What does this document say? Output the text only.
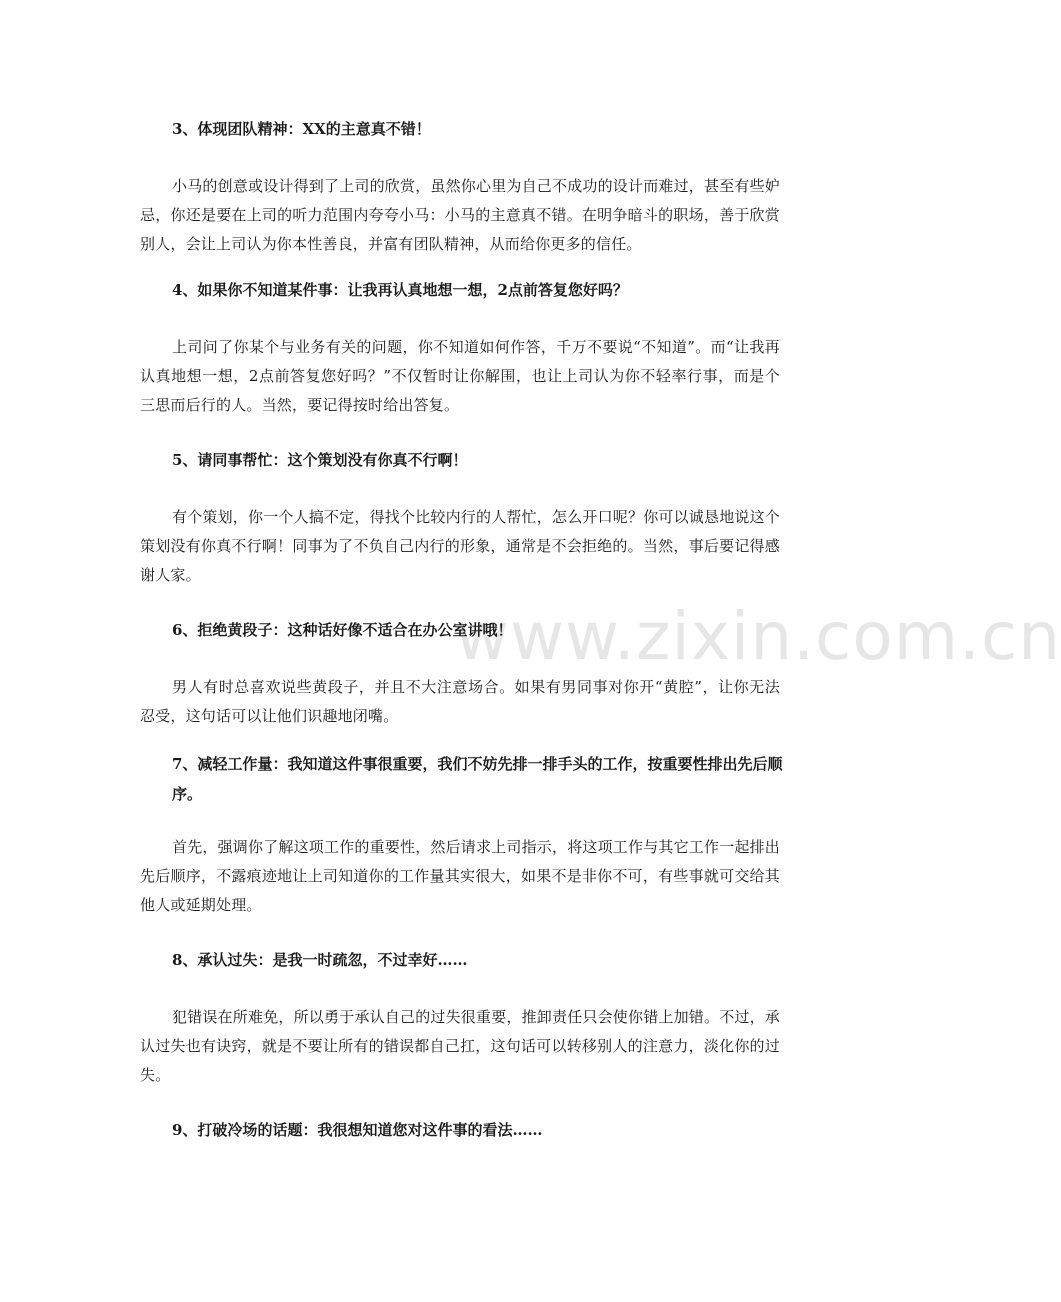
www.zixin.com.cn
3、体现团队精神：XX的主意真不错！
小马的创意或设计得到了上司的欣赏，虽然你心里为自己不成功的设计而难过，甚至有些妒忌，你还是要在上司的听力范围内夸夸小马：小马的主意真不错。在明争暗斗的职场，善于欣赏别人，会让上司认为你本性善良，并富有团队精神，从而给你更多的信任。
4、如果你不知道某件事：让我再认真地想一想，2点前答复您好吗？
上司问了你某个与业务有关的问题，你不知道如何作答，千万不要说“不知道”。而“让我再认真地想一想，2点前答复您好吗？”不仅暂时让你解围，也让上司认为你不轻率行事，而是个三思而后行的人。当然，要记得按时给出答复。
5、请同事帮忙：这个策划没有你真不行啊！
有个策划，你一个人搞不定，得找个比较内行的人帮忙，怎么开口呢？你可以诚恳地说这个策划没有你真不行啊！同事为了不负自己内行的形象，通常是不会拒绝的。当然，事后要记得感谢人家。
6、拒绝黄段子：这种话好像不适合在办公室讲哦！
男人有时总喜欢说些黄段子，并且不大注意场合。如果有男同事对你开“黄腔”，让你无法忍受，这句话可以让他们识趣地闭嘴。
7、减轻工作量：我知道这件事很重要，我们不妨先排一排手头的工作，按重要性排出先后顺序。
首先，强调你了解这项工作的重要性，然后请求上司指示，将这项工作与其它工作一起排出先后顺序，不露痕迹地让上司知道你的工作量其实很大，如果不是非你不可，有些事就可交给其他人或延期处理。
8、承认过失：是我一时疏忽，不过幸好……
犯错误在所难免，所以勇于承认自己的过失很重要，推卸责任只会使你错上加错。不过，承认过失也有诀窍，就是不要让所有的错误都自己扛，这句话可以转移别人的注意力，淡化你的过失。
9、打破冷场的话题：我很想知道您对这件事的看法……
